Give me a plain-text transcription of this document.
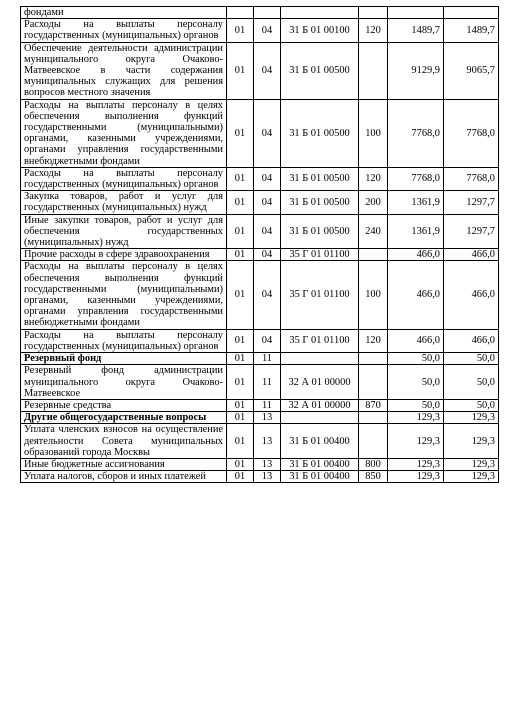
фондами						
Расходы на выплаты персоналу государственных (муниципальных) органов	01	04	31 Б 01 00100	120	1489,7	1489,7
Обеспечение деятельности администрации муниципального округа Очаково-Матвеевское в части содержания муниципальных служащих для решения вопросов местного значения	01	04	31 Б 01 00500		9129,9	9065,7
Расходы на выплаты персоналу в целях обеспечения выполнения функций государственными (муниципальными) органами, казенными учреждениями, органами управления государственными внебюджетными фондами	01	04	31 Б 01 00500	100	7768,0	7768,0
Расходы на выплаты персоналу государственных (муниципальных) органов	01	04	31 Б 01 00500	120	7768,0	7768,0
Закупка товаров, работ и услуг для государственных (муниципальных) нужд	01	04	31 Б 01 00500	200	1361,9	1297,7
Иные закупки товаров, работ и услуг для обеспечения государственных (муниципальных) нужд	01	04	31 Б 01 00500	240	1361,9	1297,7
Прочие расходы в сфере здравоохранения	01	04	35 Г 01 01100		466,0	466,0
Расходы на выплаты персоналу в целях обеспечения выполнения функций государственными (муниципальными) органами, казенными учреждениями, органами управления государственными внебюджетными фондами	01	04	35 Г 01 01100	100	466,0	466,0
Расходы на выплаты персоналу государственных (муниципальных) органов	01	04	35 Г 01 01100	120	466,0	466,0
Резервный фонд	01	11			50,0	50,0
Резервный фонд администрации муниципального округа Очаково-Матвеевское	01	11	32 А 01 00000		50,0	50,0
Резервные средства	01	11	32 А 01 00000	870	50,0	50,0
Другие общегосударственные вопросы	01	13			129,3	129,3
Уплата членских взносов на осуществление деятельности Совета муниципальных образований города Москвы	01	13	31 Б 01 00400		129,3	129,3
Иные бюджетные ассигнования	01	13	31 Б 01 00400	800	129,3	129,3
Уплата налогов, сборов и иных платежей	01	13	31 Б 01 00400	850	129,3	129,3
